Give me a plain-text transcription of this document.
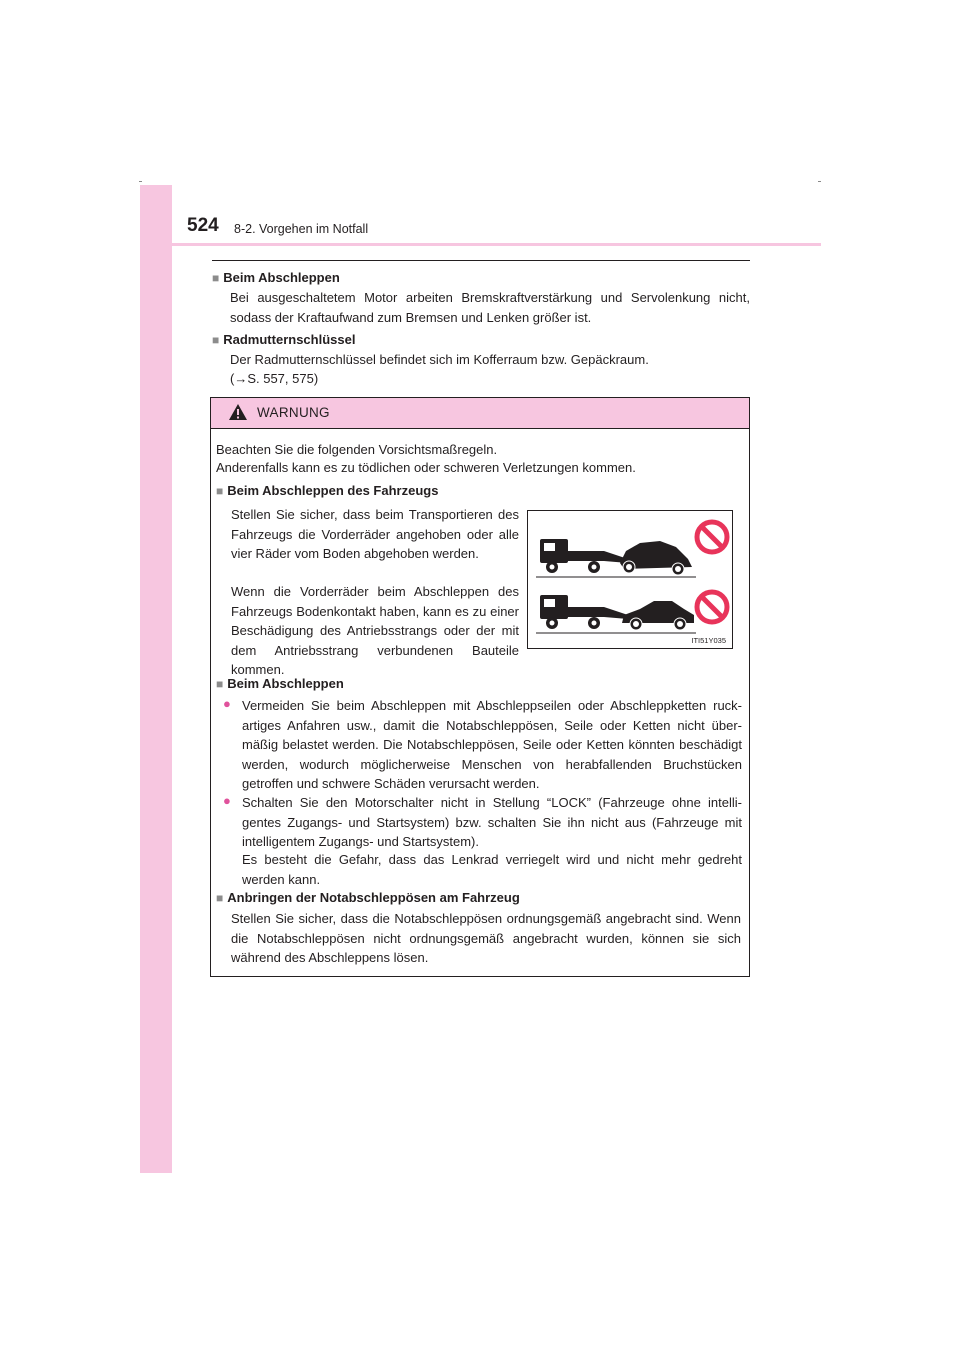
524 8-2. Vorgehen im Notfall
■ Beim Abschleppen
Bei ausgeschaltetem Motor arbeiten Bremskraftverstärkung und Servolenkung nicht, sodass der Kraftaufwand zum Bremsen und Lenken größer ist.
■ Radmutternschlüssel
Der Radmutternschlüssel befindet sich im Kofferraum bzw. Gepäckraum.
(→S. 557, 575)
WARNUNG
Beachten Sie die folgenden Vorsichtsmaßregeln.
Anderenfalls kann es zu tödlichen oder schweren Verletzungen kommen.
■ Beim Abschleppen des Fahrzeugs
Stellen Sie sicher, dass beim Transportieren des Fahrzeugs die Vorderräder angehoben oder alle vier Räder vom Boden abgehoben werden.
Wenn die Vorderräder beim Abschleppen des Fahrzeugs Bodenkontakt haben, kann es zu einer Beschädigung des Antriebsstrangs oder der mit dem Antriebsstrang verbundenen Bauteile kommen.
ITI51Y035
■ Beim Abschleppen
● Vermeiden Sie beim Abschleppen mit Abschleppseilen oder Abschleppketten ruck-artiges Anfahren usw., damit die Notabschleppösen, Seile oder Ketten nicht über-mäßig belastet werden. Die Notabschleppösen, Seile oder Ketten könnten beschädigt werden, wodurch möglicherweise Menschen von herabfallenden Bruchstücken getroffen und schwere Schäden verursacht werden.
● Schalten Sie den Motorschalter nicht in Stellung “LOCK” (Fahrzeuge ohne intelli-gentes Zugangs- und Startsystem) bzw. schalten Sie ihn nicht aus (Fahrzeuge mit intelligentem Zugangs- und Startsystem).
Es besteht die Gefahr, dass das Lenkrad verriegelt wird und nicht mehr gedreht werden kann.
■ Anbringen der Notabschleppösen am Fahrzeug
Stellen Sie sicher, dass die Notabschleppösen ordnungsgemäß angebracht sind. Wenn die Notabschleppösen nicht ordnungsgemäß angebracht wurden, können sie sich während des Abschleppens lösen.
